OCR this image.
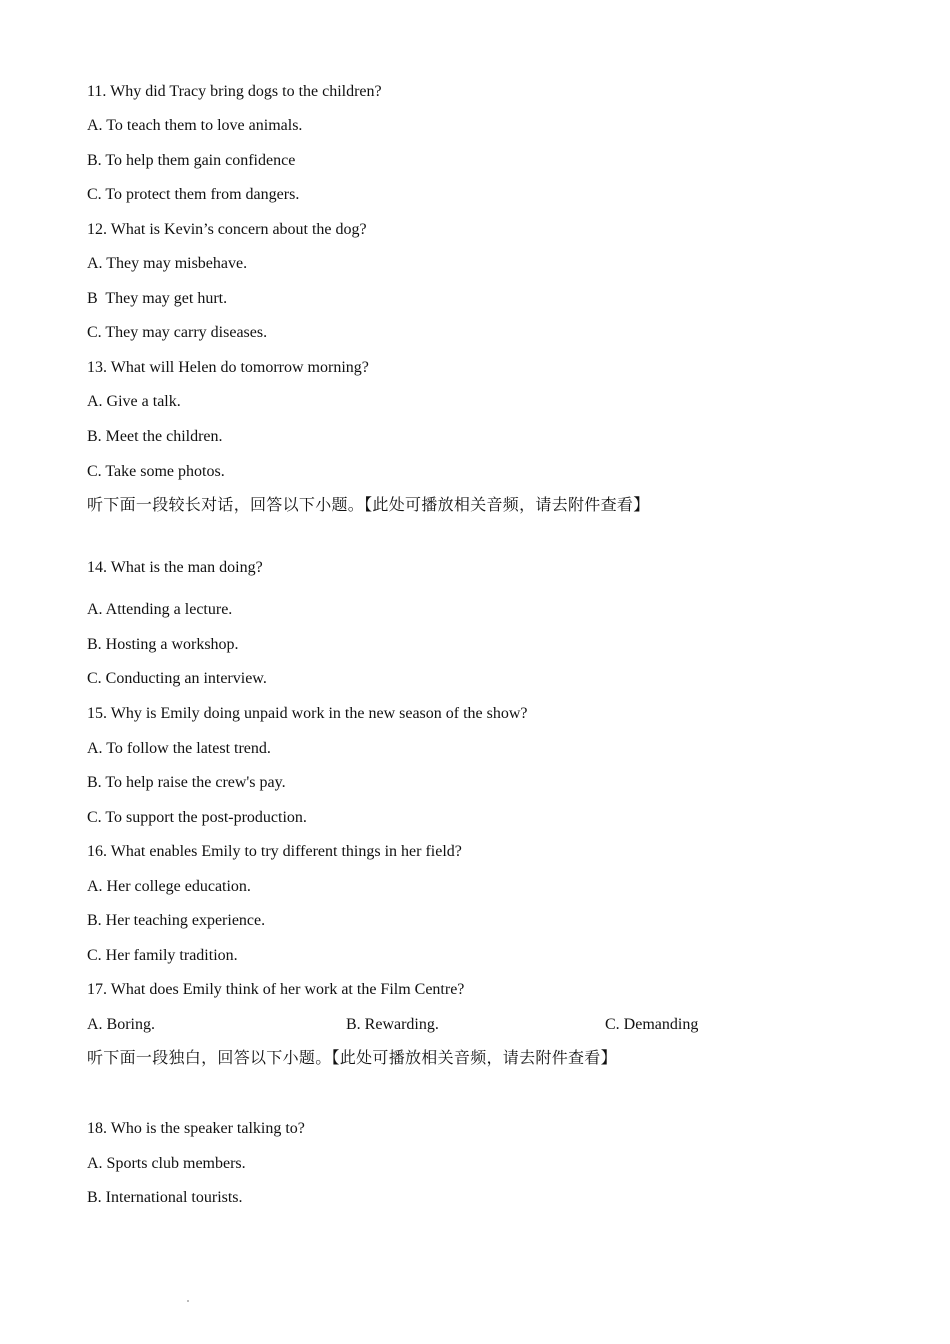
11. Why did Tracy bring dogs to the children?
A. To teach them to love animals.
B. To help them gain confidence
C. To protect them from dangers.
12. What is Kevin’s concern about the dog?
A. They may misbehave.
B  They may get hurt.
C. They may carry diseases.
13. What will Helen do tomorrow morning?
A. Give a talk.
B. Meet the children.
C. Take some photos.
听下面一段较长对话，回答以下小题。【此处可播放相关音频，请去附件查看】
14. What is the man doing?
A. Attending a lecture.
B. Hosting a workshop.
C. Conducting an interview.
15. Why is Emily doing unpaid work in the new season of the show?
A. To follow the latest trend.
B. To help raise the crew's pay.
C. To support the post-production.
16. What enables Emily to try different things in her field?
A. Her college education.
B. Her teaching experience.
C. Her family tradition.
17. What does Emily think of her work at the Film Centre?
A. Boring.	B. Rewarding.	C. Demanding
听下面一段独白，回答以下小题。【此处可播放相关音频，请去附件查看】
18. Who is the speaker talking to?
A. Sports club members.
B. International tourists.
